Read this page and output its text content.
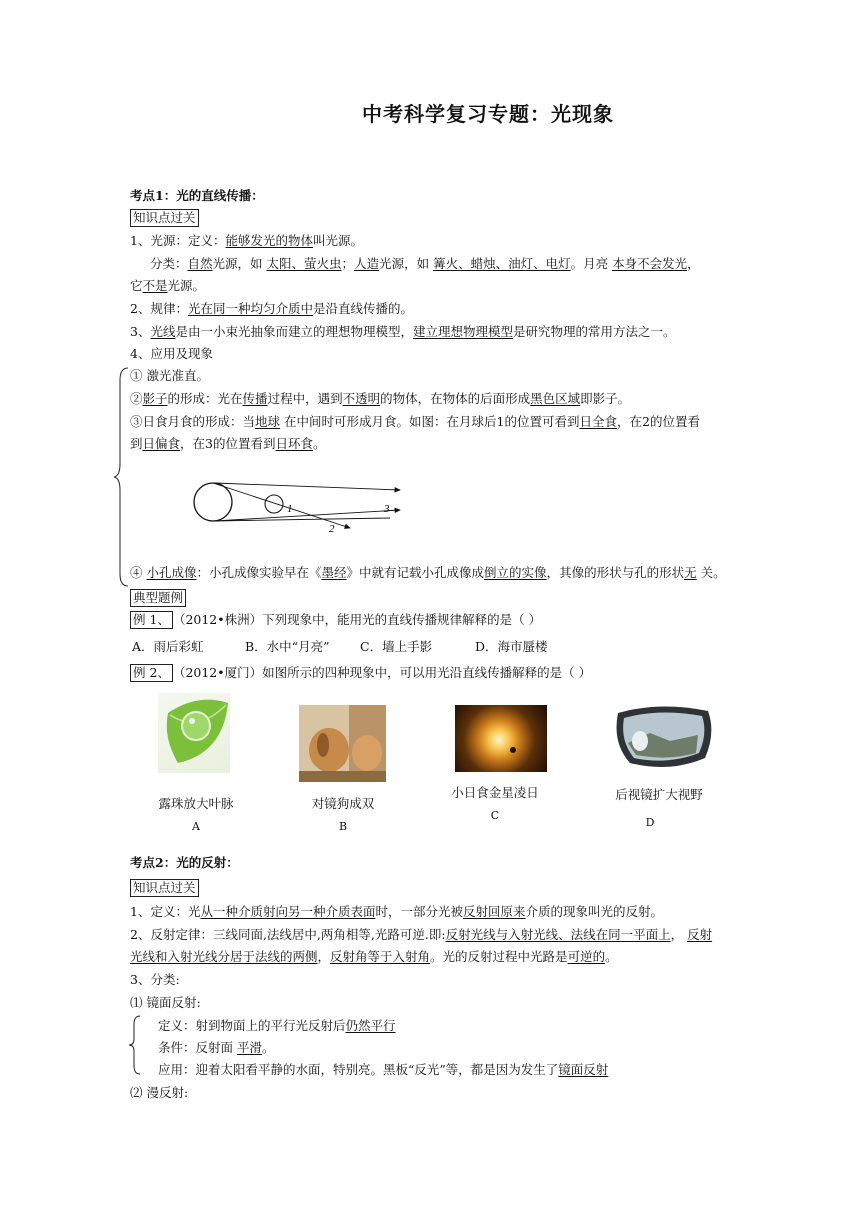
中考科学复习专题：光现象
考点1：光的直线传播：
知识点过关
1、光源：定义：能够发光的物体叫光源。
分类：自然光源，如 太阳、萤火虫；人造光源，如 篝火、蜡烛、油灯、电灯。月亮 本身不会发光，
它不是光源。
2、规律：光在同一种均匀介质中是沿直线传播的。
3、光线是由一小束光抽象而建立的理想物理模型，建立理想物理模型是研究物理的常用方法之一。
4、应用及现象
① 激光准直。
②影子的形成：光在传播过程中，遇到不透明的物体，在物体的后面形成黑色区域即影子。
③日食月食的形成：当地球 在中间时可形成月食。如图：在月球后1的位置可看到日全食，在2的位置看
到日偏食，在3的位置看到日环食。
1
2
3
④ 小孔成像：小孔成像实验早在《墨经》中就有记载小孔成像成倒立的实像，其像的形状与孔的形状无 关。
典型题例
例 1、 （2012•株洲）下列现象中，能用光的直线传播规律解释的是（ ）
A．雨后彩虹	B．水中“月亮” C．墙上手影	D．海市蜃楼
例 2、 （2012•厦门）如图所示的四种现象中，可以用光沿直线传播解释的是（ ）
露珠放大叶脉
A
对镜狗成双
B
小日食金星凌日
C
后视镜扩大视野
D
考点2：光的反射：
知识点过关
1、定义：光从一种介质射向另一种介质表面时，一部分光被反射回原来介质的现象叫光的反射。
2、反射定律：三线同面,法线居中,两角相等,光路可逆.即:反射光线与入射光线、法线在同一平面上， 反射
光线和入射光线分居于法线的两侧，反射角等于入射角。光的反射过程中光路是可逆的。
3、分类:
⑴ 镜面反射:
定义：射到物面上的平行光反射后仍然平行
条件：反射面 平滑。
应用：迎着太阳看平静的水面，特别亮。黑板“反光”等，都是因为发生了镜面反射
⑵ 漫反射:
